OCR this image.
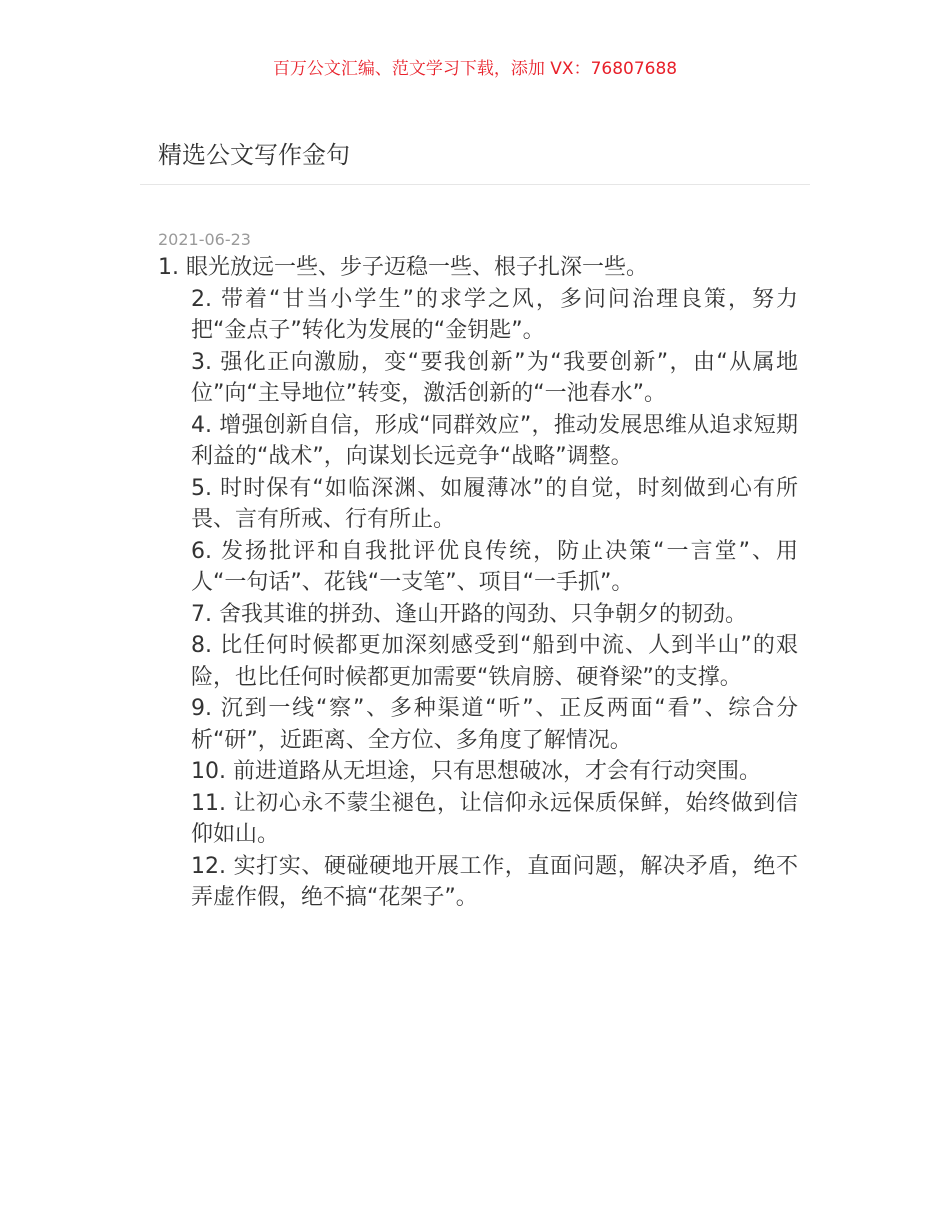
百万公文汇编、范文学习下载，添加 VX：76807688
精选公文写作金句
2021-06-23
1. 眼光放远一些、步子迈稳一些、根子扎深一些。
2. 带着“甘当小学生”的求学之风，多问问治理良策，努力把“金点子”转化为发展的“金钥匙”。
3. 强化正向激励，变“要我创新”为“我要创新”，由“从属地位”向“主导地位”转变，激活创新的“一池春水”。
4. 增强创新自信，形成“同群效应”，推动发展思维从追求短期利益的“战术”，向谋划长远竞争“战略”调整。
5. 时时保有“如临深渊、如履薄冰”的自觉，时刻做到心有所畏、言有所戒、行有所止。
6. 发扬批评和自我批评优良传统，防止决策“一言堂”、用人“一句话”、花钱“一支笔”、项目“一手抓”。
7. 舍我其谁的拼劲、逢山开路的闯劲、只争朝夕的韧劲。
8. 比任何时候都更加深刻感受到“船到中流、人到半山”的艰险，也比任何时候都更加需要“铁肩膀、硬脊梁”的支撑。
9. 沉到一线“察”、多种渠道“听”、正反两面“看”、综合分析“研”，近距离、全方位、多角度了解情况。
10. 前进道路从无坦途，只有思想破冰，才会有行动突围。
11. 让初心永不蒙尘褪色，让信仰永远保质保鲜，始终做到信仰如山。
12. 实打实、硬碰硬地开展工作，直面问题，解决矛盾，绝不弄虚作假，绝不搞“花架子”。
